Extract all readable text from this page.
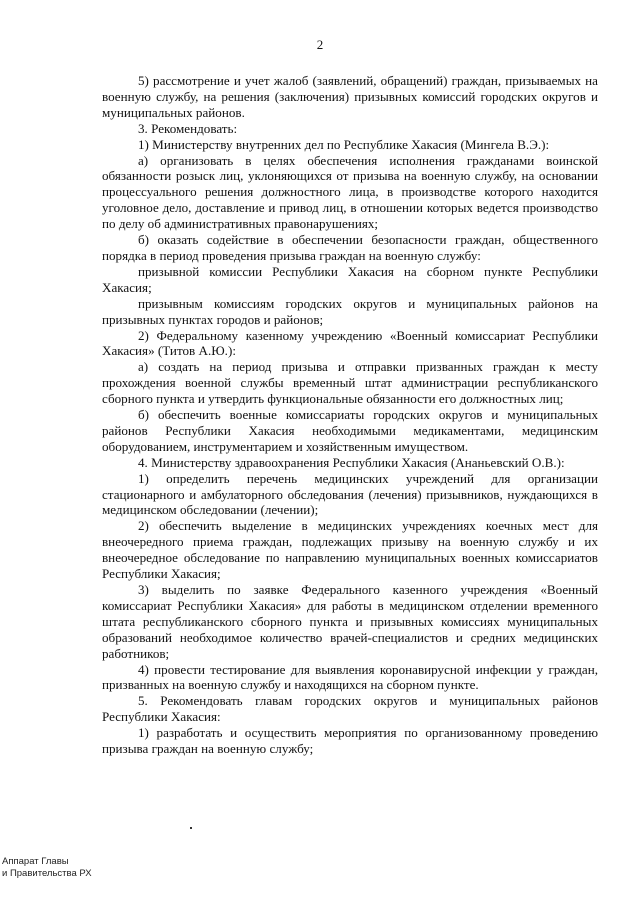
2

5) рассмотрение и учет жалоб (заявлений, обращений) граждан, призываемых на военную службу, на решения (заключения) призывных комиссий городских округов и муниципальных районов.

3. Рекомендовать:

1) Министерству внутренних дел по Республике Хакасия (Мингела В.Э.):

а) организовать в целях обеспечения исполнения гражданами воинской обязанности розыск лиц, уклоняющихся от призыва на военную службу, на основании процессуального решения должностного лица, в производстве которого находится уголовное дело, доставление и привод лиц, в отношении которых ведется производство по делу об административных правонарушениях;

б) оказать содействие в обеспечении безопасности граждан, общественного порядка в период проведения призыва граждан на военную службу:

призывной комиссии Республики Хакасия на сборном пункте Республики Хакасия;

призывным комиссиям городских округов и муниципальных районов на призывных пунктах городов и районов;

2) Федеральному казенному учреждению «Военный комиссариат Республики Хакасия» (Титов А.Ю.):

а) создать на период призыва и отправки призванных граждан к месту прохождения военной службы временный штат администрации республиканского сборного пункта и утвердить функциональные обязанности его должностных лиц;

б) обеспечить военные комиссариаты городских округов и муниципальных районов Республики Хакасия необходимыми медикаментами, медицинским оборудованием, инструментарием и хозяйственным имуществом.

4. Министерству здравоохранения Республики Хакасия (Ананьевский О.В.):

1) определить перечень медицинских учреждений для организации стационарного и амбулаторного обследования (лечения) призывников, нуждающихся в медицинском обследовании (лечении);

2) обеспечить выделение в медицинских учреждениях коечных мест для внеочередного приема граждан, подлежащих призыву на военную службу и их внеочередное обследование по направлению муниципальных военных комиссариатов Республики Хакасия;

3) выделить по заявке Федерального казенного учреждения «Военный комиссариат Республики Хакасия» для работы в медицинском отделении временного штата республиканского сборного пункта и призывных комиссиях муниципальных образований необходимое количество врачей-специалистов и средних медицинских работников;

4) провести тестирование для выявления коронавирусной инфекции у граждан, призванных на военную службу и находящихся на сборном пункте.

5. Рекомендовать главам городских округов и муниципальных районов Республики Хакасия:

1) разработать и осуществить мероприятия по организованному проведению призыва граждан на военную службу;

Аппарат Главы
и Правительства РХ
